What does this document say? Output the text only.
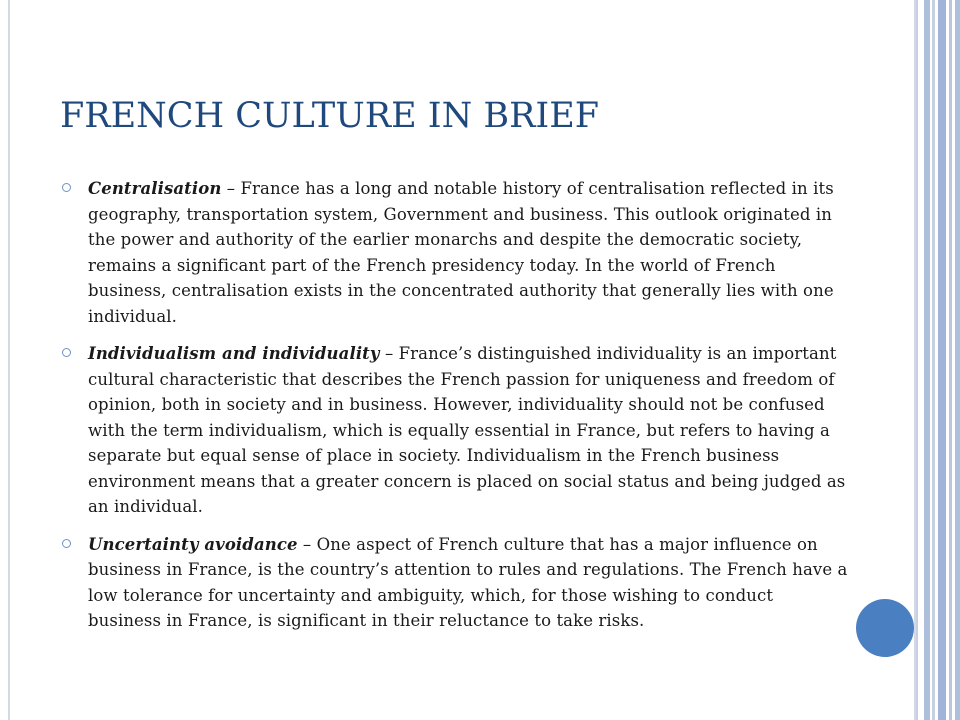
FRENCH CULTURE IN BRIEF
Centralisation – France has a long and notable history of centralisation reflected in its geography, transportation system, Government and business. This outlook originated in the power and authority of the earlier monarchs and despite the democratic society, remains a significant part of the French presidency today. In the world of French business, centralisation exists in the concentrated authority that generally lies with one individual.
Individualism and individuality – France’s distinguished individuality is an important cultural characteristic that describes the French passion for uniqueness and freedom of opinion, both in society and in business. However, individuality should not be confused with the term individualism, which is equally essential in France, but refers to having a separate but equal sense of place in society. Individualism in the French business environment means that a greater concern is placed on social status and being judged as an individual.
Uncertainty avoidance – One aspect of French culture that has a major influence on business in France, is the country’s attention to rules and regulations. The French have a low tolerance for uncertainty and ambiguity, which, for those wishing to conduct business in France, is significant in their reluctance to take risks.
